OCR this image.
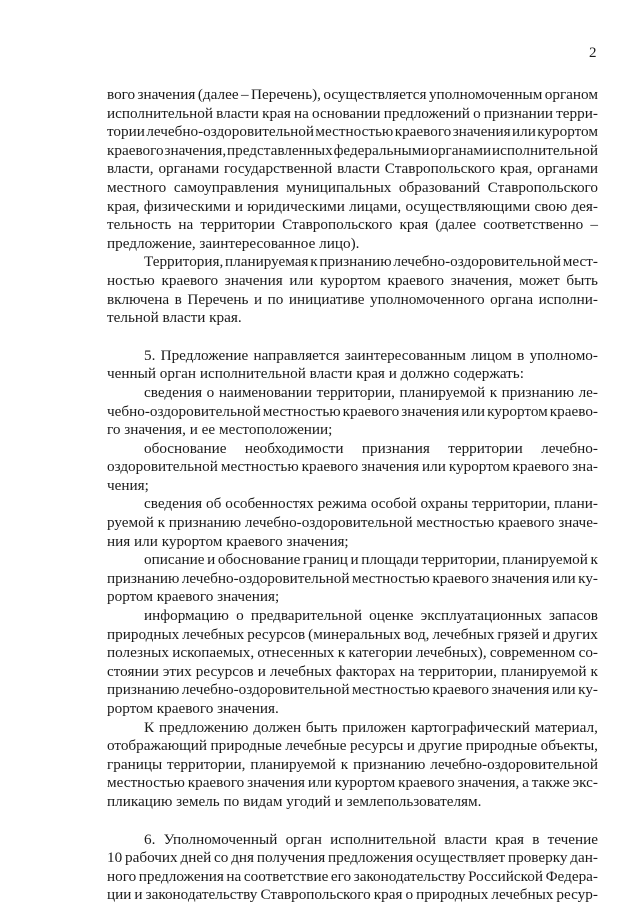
2
вого значения (далее – Перечень), осуществляется уполномоченным органом
исполнительной власти края на основании предложений о признании терри-
тории лечебно-оздоровительной местностью краевого значения или курортом
краевого значения, представленных федеральными органами исполнительной
власти, органами государственной власти Ставропольского края, органами
местного самоуправления муниципальных образований Ставропольского
края, физическими и юридическими лицами, осуществляющими свою дея-
тельность на территории Ставропольского края (далее соответственно –
предложение, заинтересованное лицо).
Территория, планируемая к признанию лечебно-оздоровительной мест-
ностью краевого значения или курортом краевого значения, может быть
включена в Перечень и по инициативе уполномоченного органа исполни-
тельной власти края.
5. Предложение направляется заинтересованным лицом в уполномо-
ченный орган исполнительной власти края и должно содержать:
сведения о наименовании территории, планируемой к признанию ле-
чебно-оздоровительной местностью краевого значения или курортом краево-
го значения, и ее местоположении;
обоснование необходимости признания территории лечебно-
оздоровительной местностью краевого значения или курортом краевого зна-
чения;
сведения об особенностях режима особой охраны территории, плани-
руемой к признанию лечебно-оздоровительной местностью краевого значе-
ния или курортом краевого значения;
описание и обоснование границ и площади территории, планируемой к
признанию лечебно-оздоровительной местностью краевого значения или ку-
рортом краевого значения;
информацию о предварительной оценке эксплуатационных запасов
природных лечебных ресурсов (минеральных вод, лечебных грязей и других
полезных ископаемых, отнесенных к категории лечебных), современном со-
стоянии этих ресурсов и лечебных факторах на территории, планируемой к
признанию лечебно-оздоровительной местностью краевого значения или ку-
рортом краевого значения.
К предложению должен быть приложен картографический материал,
отображающий природные лечебные ресурсы и другие природные объекты,
границы территории, планируемой к признанию лечебно-оздоровительной
местностью краевого значения или курортом краевого значения, а также экс-
пликацию земель по видам угодий и землепользователям.
6. Уполномоченный орган исполнительной власти края в течение
10 рабочих дней со дня получения предложения осуществляет проверку дан-
ного предложения на соответствие его законодательству Российской Федера-
ции и законодательству Ставропольского края о природных лечебных ресур-
